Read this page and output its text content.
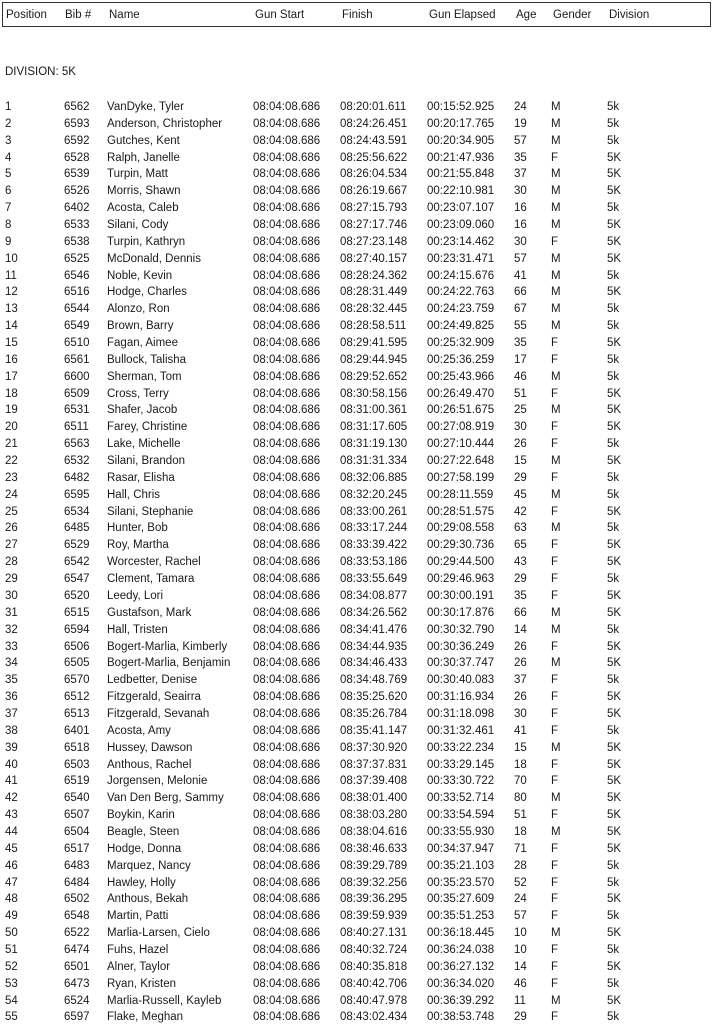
Position Bib # Name	Gun Start	Finish	Gun Elapsed Age Gender Division
DIVISION: 5K
1	6562 VanDyke, Tyler	08:04:08.686 08:20:01.611 00:15:52.925 24 M	5k
2	6593 Anderson, Christopher	08:04:08.686 08:24:26.451 00:20:17.765 19 M	5k
3	6592 Gutches, Kent	08:04:08.686 08:24:43.591 00:20:34.905 57 M	5k
4	6528 Ralph, Janelle	08:04:08.686 08:25:56.622 00:21:47.936 35 F	5K
5	6539 Turpin, Matt	08:04:08.686 08:26:04.534 00:21:55.848 37 M	5K
6	6526 Morris, Shawn	08:04:08.686 08:26:19.667 00:22:10.981 30 M	5K
7	6402 Acosta, Caleb	08:04:08.686 08:27:15.793 00:23:07.107 16 M	5k
8	6533 Silani, Cody	08:04:08.686 08:27:17.746 00:23:09.060 16 M	5K
9	6538 Turpin, Kathryn	08:04:08.686 08:27:23.148 00:23:14.462 30 F	5K
10	6525 McDonald, Dennis	08:04:08.686 08:27:40.157 00:23:31.471 57 M	5K
11	6546 Noble, Kevin	08:04:08.686 08:28:24.362 00:24:15.676 41 M	5k
12	6516 Hodge, Charles	08:04:08.686 08:28:31.449 00:24:22.763 66 M	5K
13	6544 Alonzo, Ron	08:04:08.686 08:28:32.445 00:24:23.759 67 M	5k
14	6549 Brown, Barry	08:04:08.686 08:28:58.511 00:24:49.825 55 M	5k
15	6510 Fagan, Aimee	08:04:08.686 08:29:41.595 00:25:32.909 35 F	5K
16	6561 Bullock, Talisha	08:04:08.686 08:29:44.945 00:25:36.259 17 F	5k
17	6600 Sherman, Tom	08:04:08.686 08:29:52.652 00:25:43.966 46 M	5k
18	6509 Cross, Terry	08:04:08.686 08:30:58.156 00:26:49.470 51 F	5K
19	6531 Shafer, Jacob	08:04:08.686 08:31:00.361 00:26:51.675 25 M	5K
20	6511 Farey, Christine	08:04:08.686 08:31:17.605 00:27:08.919 30 F	5K
21	6563 Lake, Michelle	08:04:08.686 08:31:19.130 00:27:10.444 26 F	5k
22	6532 Silani, Brandon	08:04:08.686 08:31:31.334 00:27:22.648 15 M	5K
23	6482 Rasar, Elisha	08:04:08.686 08:32:06.885 00:27:58.199 29 F	5k
24	6595 Hall, Chris	08:04:08.686 08:32:20.245 00:28:11.559 45 M	5k
25	6534 Silani, Stephanie	08:04:08.686 08:33:00.261 00:28:51.575 42 F	5K
26	6485 Hunter, Bob	08:04:08.686 08:33:17.244 00:29:08.558 63 M	5k
27	6529 Roy, Martha	08:04:08.686 08:33:39.422 00:29:30.736 65 F	5K
28	6542 Worcester, Rachel	08:04:08.686 08:33:53.186 00:29:44.500 43 F	5K
29	6547 Clement, Tamara	08:04:08.686 08:33:55.649 00:29:46.963 29 F	5k
30	6520 Leedy, Lori	08:04:08.686 08:34:08.877 00:30:00.191 35 F	5K
31	6515 Gustafson, Mark	08:04:08.686 08:34:26.562 00:30:17.876 66 M	5K
32	6594 Hall, Tristen	08:04:08.686 08:34:41.476 00:30:32.790 14 M	5k
33	6506 Bogert-Marlia, Kimberly 08:04:08.686 08:34:44.935 00:30:36.249 26 F	5K
34	6505 Bogert-Marlia, Benjamin 08:04:08.686 08:34:46.433 00:30:37.747 26 M	5K
35	6570 Ledbetter, Denise	08:04:08.686 08:34:48.769 00:30:40.083 37 F	5k
36	6512 Fitzgerald, Seairra	08:04:08.686 08:35:25.620 00:31:16.934 26 F	5K
37	6513 Fitzgerald, Sevanah	08:04:08.686 08:35:26.784 00:31:18.098 30 F	5K
38	6401 Acosta, Amy	08:04:08.686 08:35:41.147 00:31:32.461 41 F	5k
39	6518 Hussey, Dawson	08:04:08.686 08:37:30.920 00:33:22.234 15 M	5K
40	6503 Anthous, Rachel	08:04:08.686 08:37:37.831 00:33:29.145 18 F	5K
41	6519 Jorgensen, Melonie	08:04:08.686 08:37:39.408 00:33:30.722 70 F	5K
42	6540 Van Den Berg, Sammy	08:04:08.686 08:38:01.400 00:33:52.714 80 M	5K
43	6507 Boykin, Karin	08:04:08.686 08:38:03.280 00:33:54.594 51 F	5K
44	6504 Beagle, Steen	08:04:08.686 08:38:04.616 00:33:55.930 18 M	5K
45	6517 Hodge, Donna	08:04:08.686 08:38:46.633 00:34:37.947 71 F	5K
46	6483 Marquez, Nancy	08:04:08.686 08:39:29.789 00:35:21.103 28 F	5k
47	6484 Hawley, Holly	08:04:08.686 08:39:32.256 00:35:23.570 52 F	5k
48	6502 Anthous, Bekah	08:04:08.686 08:39:36.295 00:35:27.609 24 F	5K
49	6548 Martin, Patti	08:04:08.686 08:39:59.939 00:35:51.253 57 F	5k
50	6522 Marlia-Larsen, Cielo	08:04:08.686 08:40:27.131 00:36:18.445 10 M	5K
51	6474 Fuhs, Hazel	08:04:08.686 08:40:32.724 00:36:24.038 10 F	5k
52	6501 Alner, Taylor	08:04:08.686 08:40:35.818 00:36:27.132 14 F	5K
53	6473 Ryan, Kristen	08:04:08.686 08:40:42.706 00:36:34.020 46 F	5k
54	6524 Marlia-Russell, Kayleb	08:04:08.686 08:40:47.978 00:36:39.292 11 M	5K
55	6597 Flake, Meghan	08:04:08.686 08:43:02.434 00:38:53.748 29 F	5k
